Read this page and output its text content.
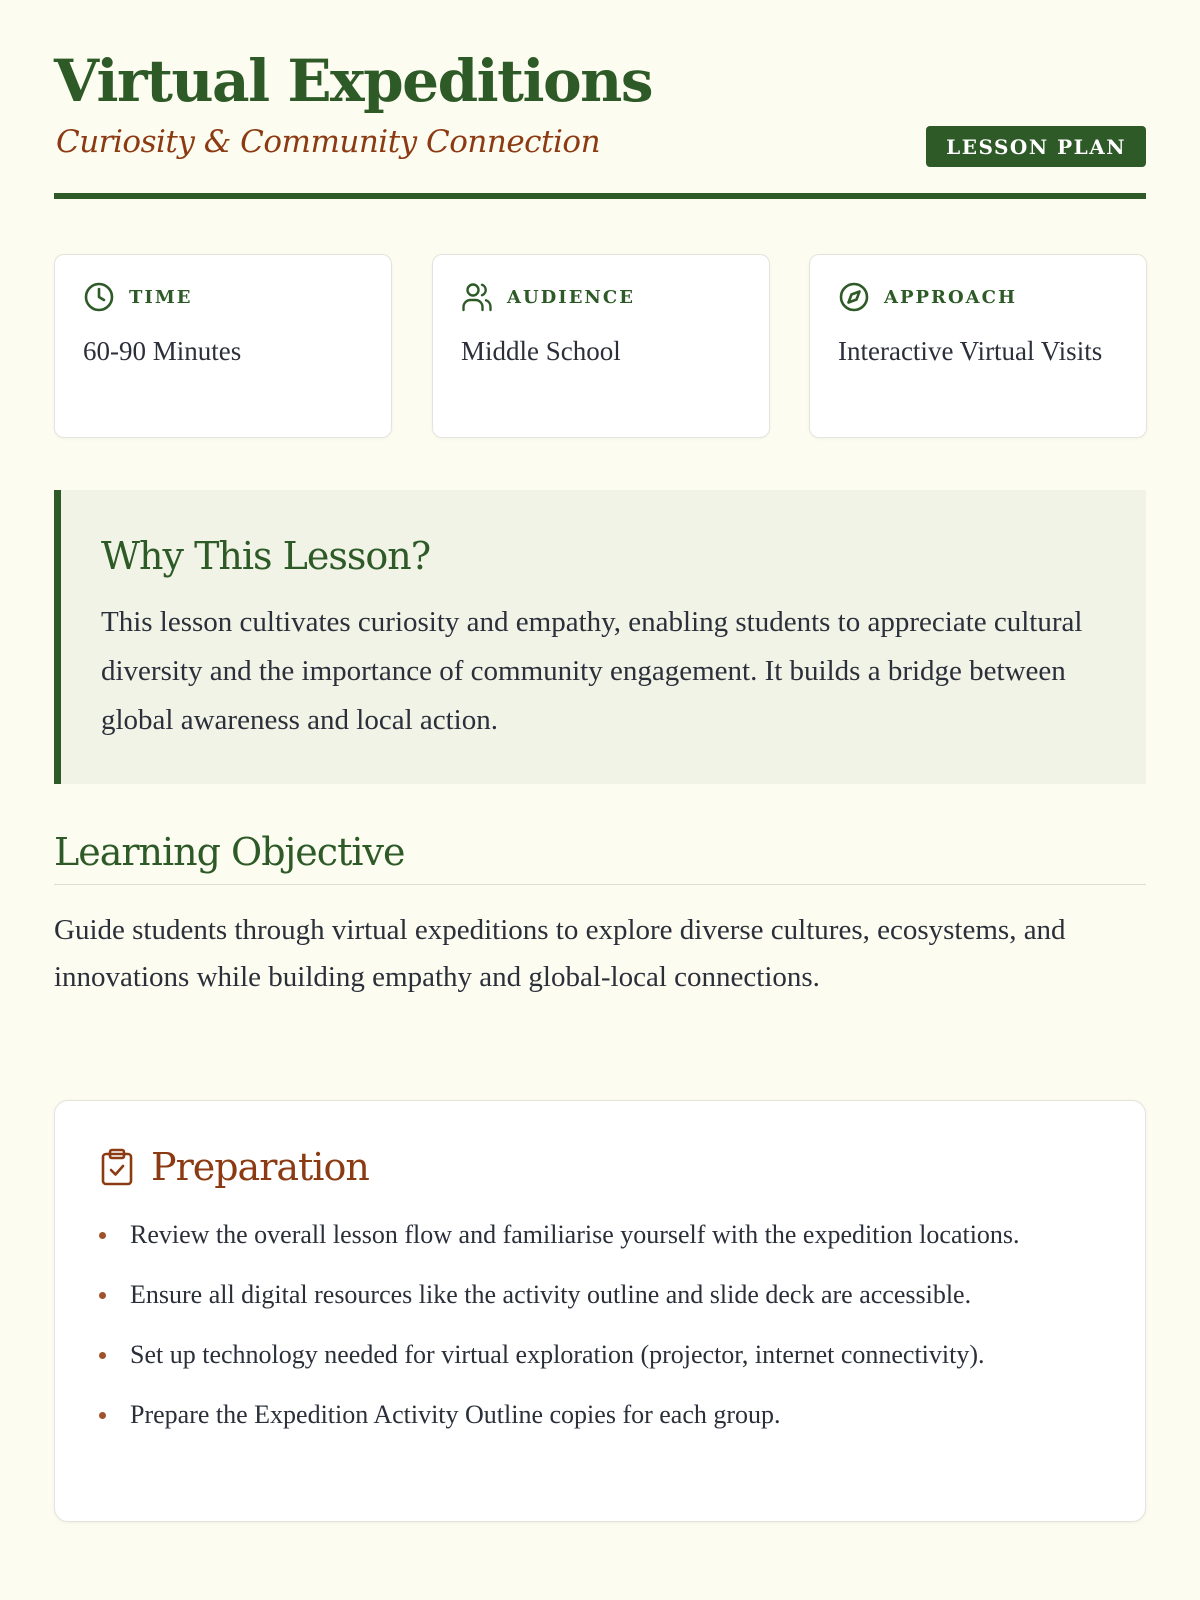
Virtual Expeditions
Curiosity & Community Connection	LESSON PLAN
TIME
60-90 Minutes
AUDIENCE
Middle School
APPROACH
Interactive Virtual Visits
Why This Lesson?

This lesson cultivates curiosity and empathy, enabling students to appreciate cultural diversity and the importance of community engagement. It builds a bridge between global awareness and local action.

Learning Objective

Guide students through virtual expeditions to explore diverse cultures, ecosystems, and innovations while building empathy and global-local connections.

Preparation
Review the overall lesson flow and familiarise yourself with the expedition locations.
Ensure all digital resources like the activity outline and slide deck are accessible.
Set up technology needed for virtual exploration (projector, internet connectivity).
Prepare the Expedition Activity Outline copies for each group.
